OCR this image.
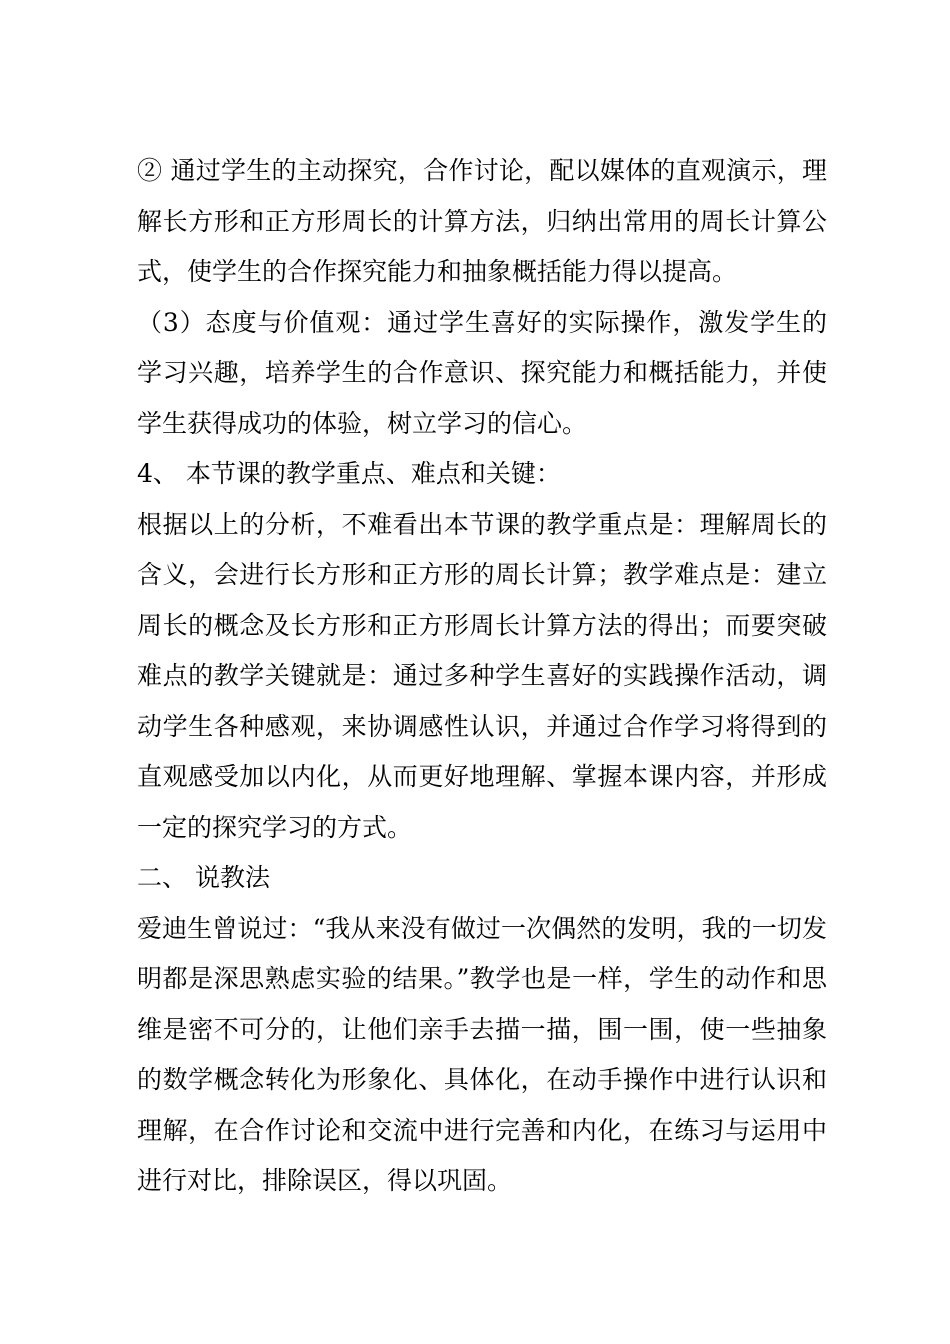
② 通过学生的主动探究，合作讨论，配以媒体的直观演示，理解长方形和正方形周长的计算方法，归纳出常用的周长计算公式，使学生的合作探究能力和抽象概括能力得以提高。

（3）态度与价值观：通过学生喜好的实际操作，激发学生的学习兴趣，培养学生的合作意识、探究能力和概括能力，并使学生获得成功的体验，树立学习的信心。

4、 本节课的教学重点、难点和关键：

根据以上的分析，不难看出本节课的教学重点是：理解周长的含义，会进行长方形和正方形的周长计算；教学难点是：建立周长的概念及长方形和正方形周长计算方法的得出；而要突破难点的教学关键就是：通过多种学生喜好的实践操作活动，调动学生各种感观，来协调感性认识，并通过合作学习将得到的直观感受加以内化，从而更好地理解、掌握本课内容，并形成一定的探究学习的方式。

二、 说教法

爱迪生曾说过：“我从来没有做过一次偶然的发明，我的一切发明都是深思熟虑实验的结果。”教学也是一样，学生的动作和思维是密不可分的，让他们亲手去描一描，围一围，使一些抽象的数学概念转化为形象化、具体化，在动手操作中进行认识和理解，在合作讨论和交流中进行完善和内化，在练习与运用中进行对比，排除误区，得以巩固。
